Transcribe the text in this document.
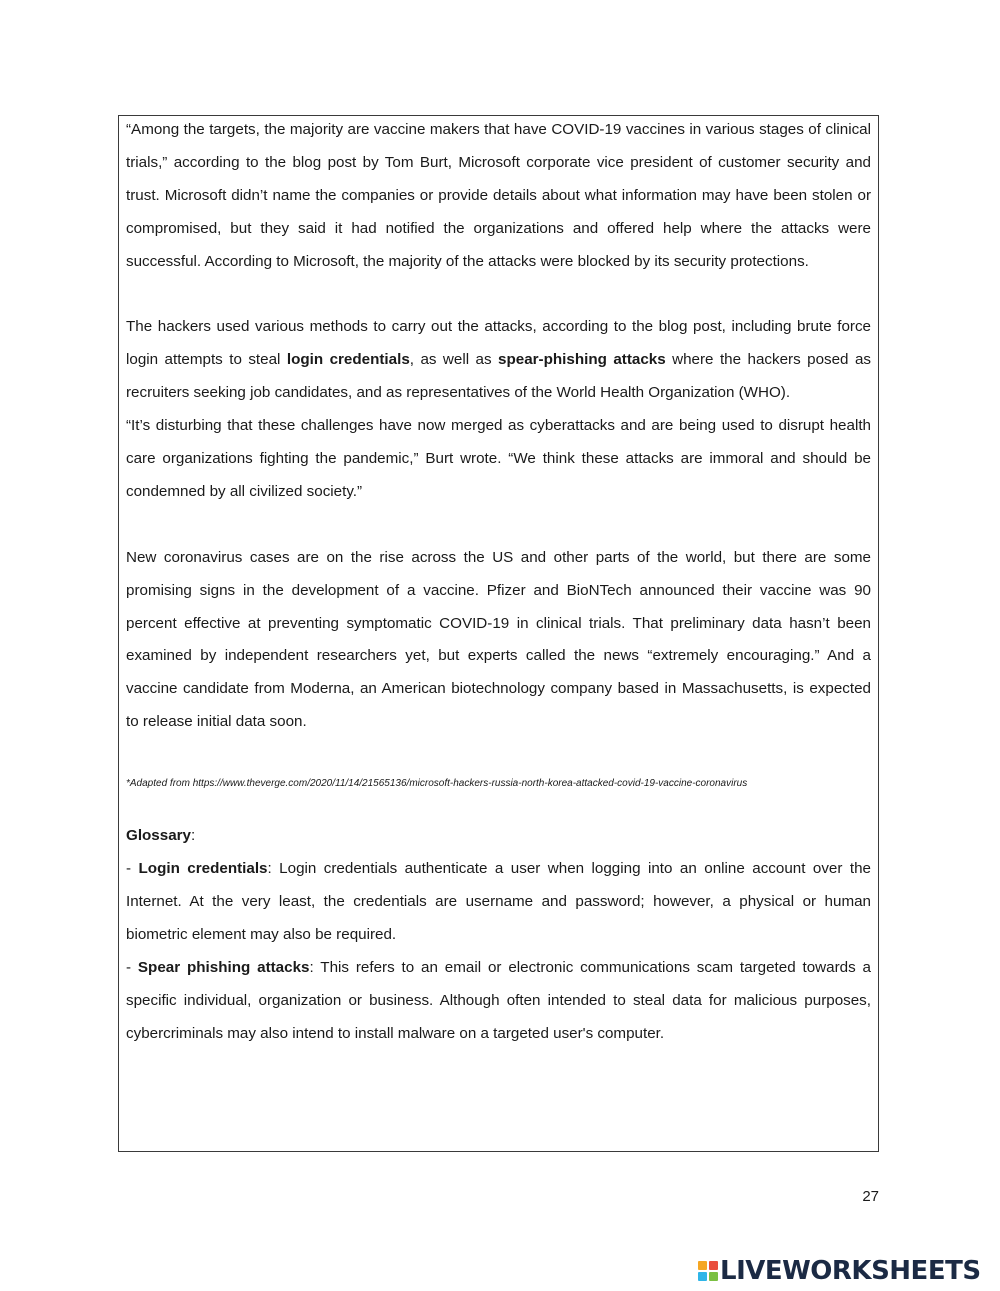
“Among the targets, the majority are vaccine makers that have COVID-19 vaccines in various stages of clinical trials,” according to the blog post by Tom Burt, Microsoft corporate vice president of customer security and trust. Microsoft didn’t name the companies or provide details about what information may have been stolen or compromised, but they said it had notified the organizations and offered help where the attacks were successful. According to Microsoft, the majority of the attacks were blocked by its security protections.

The hackers used various methods to carry out the attacks, according to the blog post, including brute force login attempts to steal login credentials, as well as spear-phishing attacks where the hackers posed as recruiters seeking job candidates, and as representatives of the World Health Organization (WHO).

“It’s disturbing that these challenges have now merged as cyberattacks and are being used to disrupt health care organizations fighting the pandemic,” Burt wrote. “We think these attacks are immoral and should be condemned by all civilized society.”

New coronavirus cases are on the rise across the US and other parts of the world, but there are some promising signs in the development of a vaccine. Pfizer and BioNTech announced their vaccine was 90 percent effective at preventing symptomatic COVID-19 in clinical trials. That preliminary data hasn’t been examined by independent researchers yet, but experts called the news “extremely encouraging.” And a vaccine candidate from Moderna, an American biotechnology company based in Massachusetts, is expected to release initial data soon.

*Adapted from https://www.theverge.com/2020/11/14/21565136/microsoft-hackers-russia-north-korea-attacked-covid-19-vaccine-coronavirus

Glossary:

- Login credentials: Login credentials authenticate a user when logging into an online account over the Internet. At the very least, the credentials are username and password; however, a physical or human biometric element may also be required.

- Spear phishing attacks: This refers to an email or electronic communications scam targeted towards a specific individual, organization or business. Although often intended to steal data for malicious purposes, cybercriminals may also intend to install malware on a targeted user's computer.

27
LIVEWORKSHEETS
